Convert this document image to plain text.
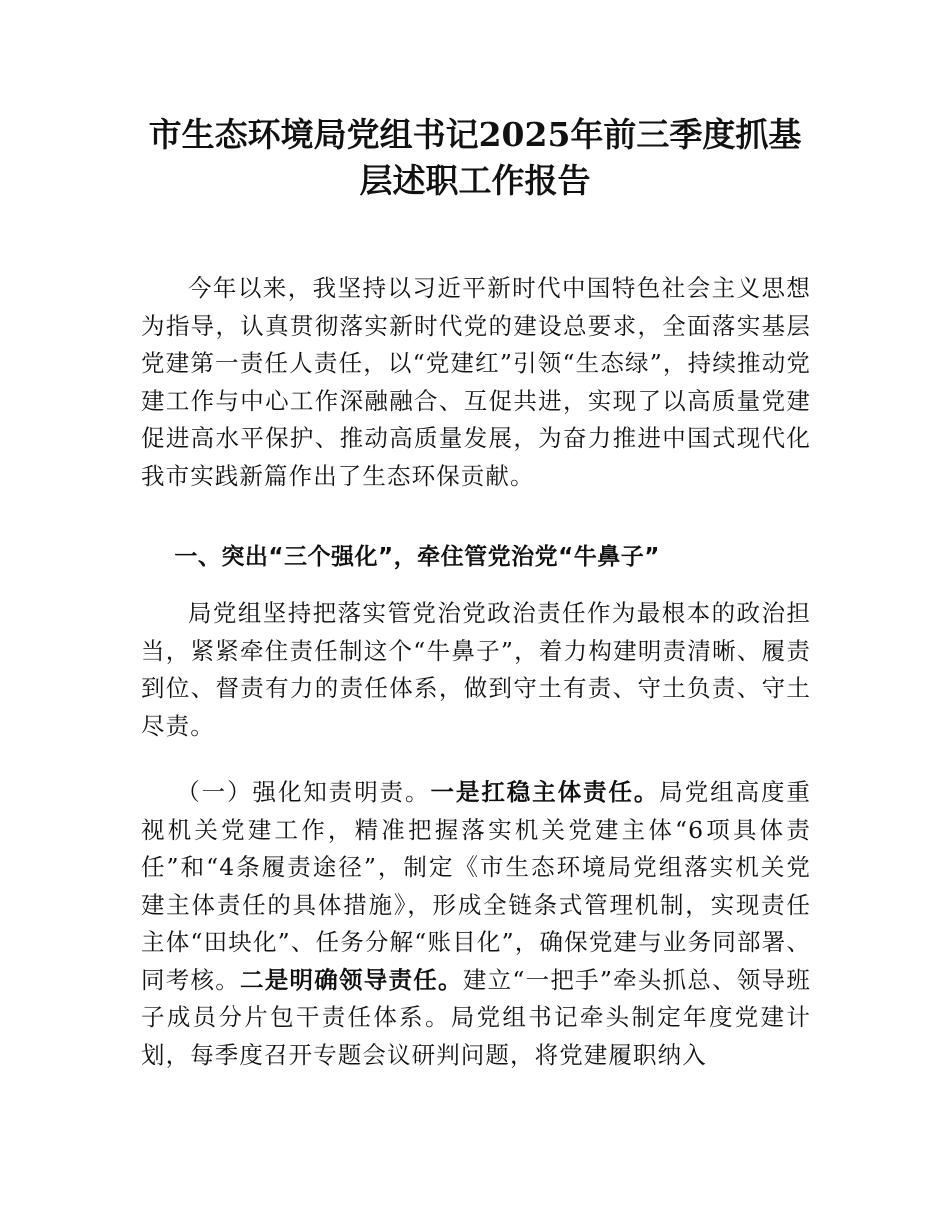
市生态环境局党组书记2025年前三季度抓基
层述职工作报告
今年以来，我坚持以习近平新时代中国特色社会主义思想为指导，认真贯彻落实新时代党的建设总要求，全面落实基层党建第一责任人责任，以“党建红”引领“生态绿”，持续推动党建工作与中心工作深融融合、互促共进，实现了以高质量党建促进高水平保护、推动高质量发展，为奋力推进中国式现代化我市实践新篇作出了生态环保贡献。
一、突出“三个强化”，牵住管党治党“牛鼻子”
局党组坚持把落实管党治党政治责任作为最根本的政治担当，紧紧牵住责任制这个“牛鼻子”，着力构建明责清晰、履责到位、督责有力的责任体系，做到守土有责、守土负责、守土尽责。
（一）强化知责明责。一是扛稳主体责任。局党组高度重视机关党建工作，精准把握落实机关党建主体“6项具体责任”和“4条履责途径”，制定《市生态环境局党组落实机关党建主体责任的具体措施》，形成全链条式管理机制，实现责任主体“田块化”、任务分解“账目化”，确保党建与业务同部署、同考核。二是明确领导责任。建立“一把手”牵头抓总、领导班子成员分片包干责任体系。局党组书记牵头制定年度党建计划，每季度召开专题会议研判问题，将党建履职纳入
